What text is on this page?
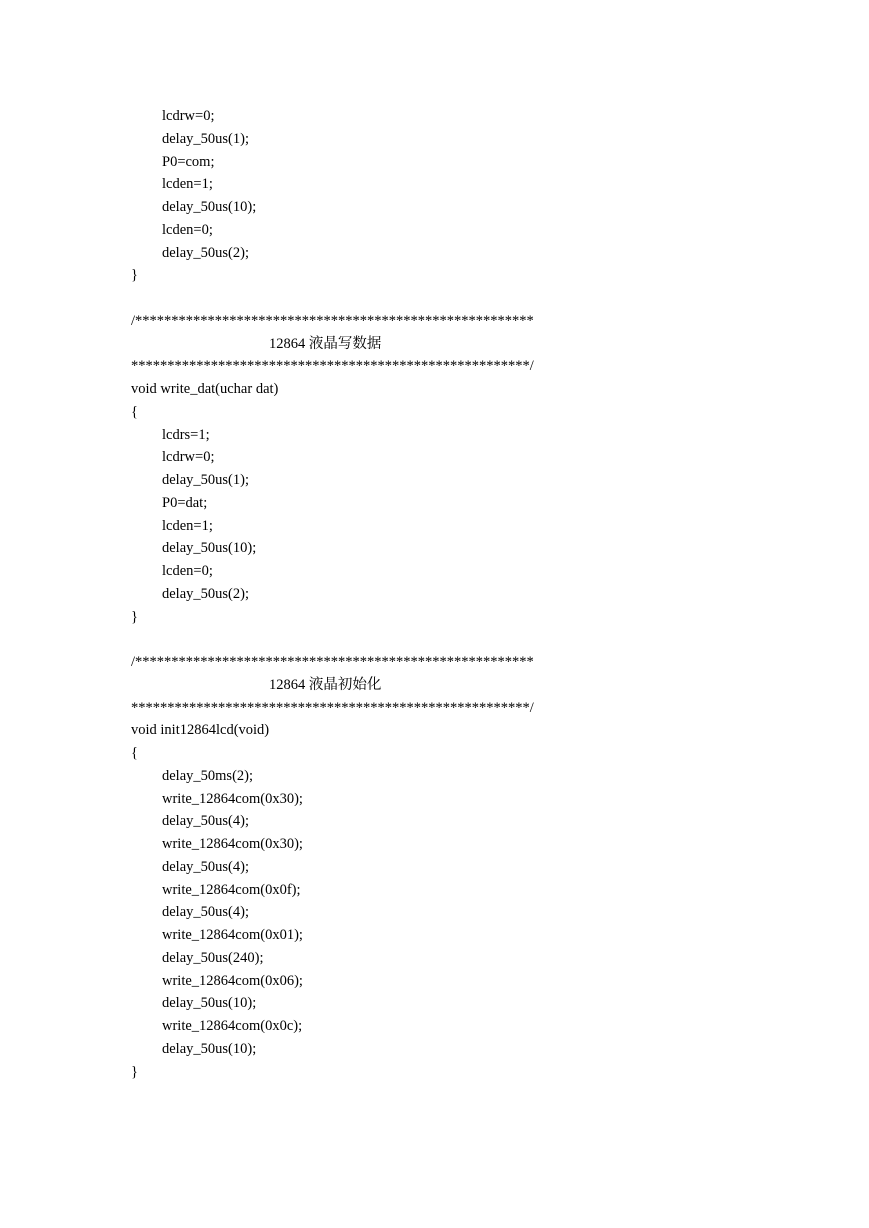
lcdrw=0;
delay_50us(1);
P0=com;
lcden=1;
delay_50us(10);
lcden=0;
delay_50us(2);
}
/*******************************************************
12864 液晶写数据
*******************************************************/
void write_dat(uchar dat)
{
lcdrs=1;
lcdrw=0;
delay_50us(1);
P0=dat;
lcden=1;
delay_50us(10);
lcden=0;
delay_50us(2);
}
/*******************************************************
12864 液晶初始化
*******************************************************/
void init12864lcd(void)
{
delay_50ms(2);
write_12864com(0x30);
delay_50us(4);
write_12864com(0x30);
delay_50us(4);
write_12864com(0x0f);
delay_50us(4);
write_12864com(0x01);
delay_50us(240);
write_12864com(0x06);
delay_50us(10);
write_12864com(0x0c);
delay_50us(10);
}
